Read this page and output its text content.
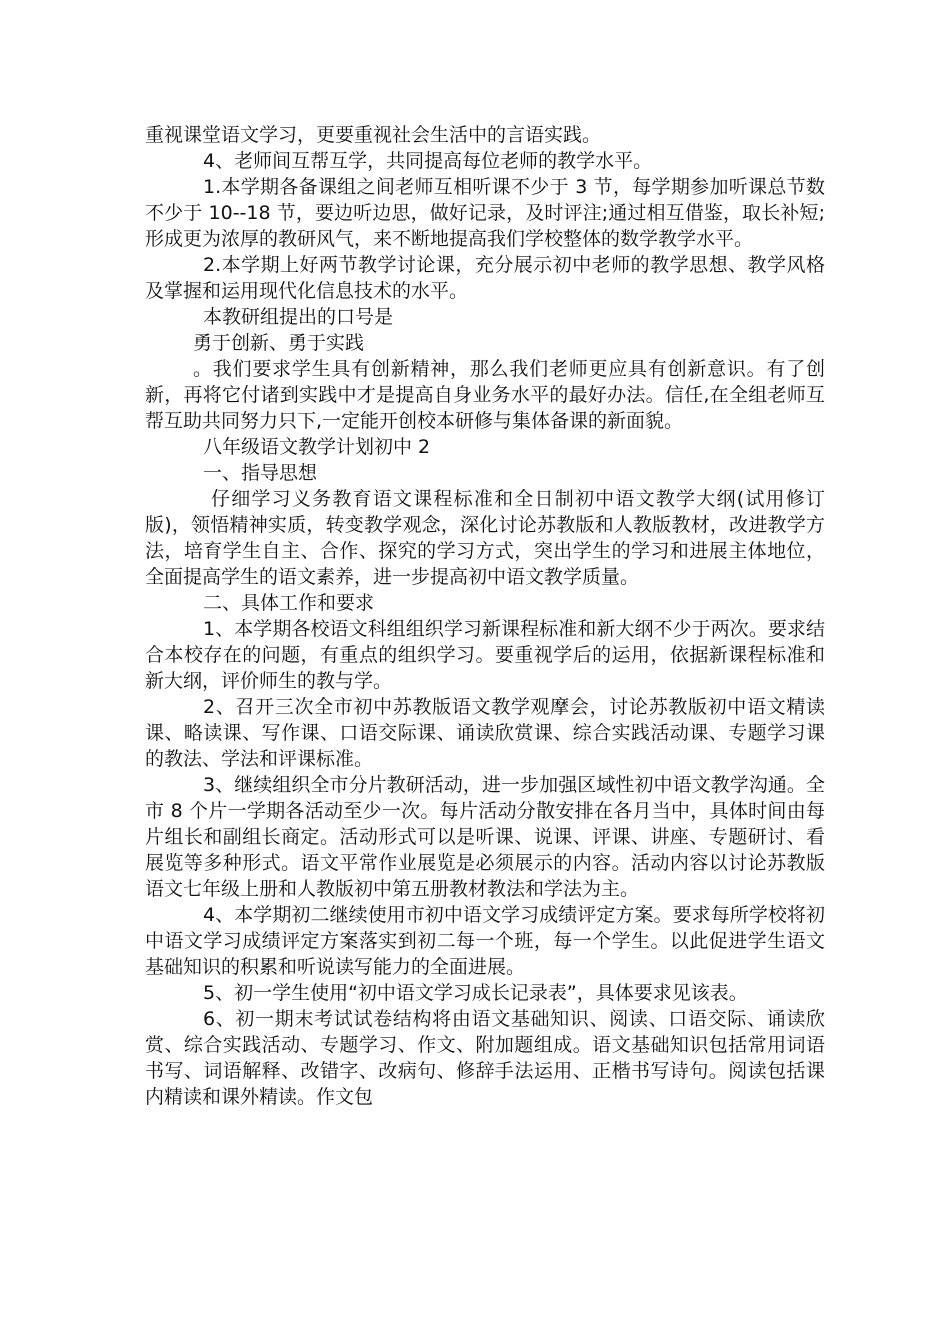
重视课堂语文学习，更要重视社会生活中的言语实践。

4、老师间互帮互学，共同提高每位老师的教学水平。

1.本学期各备课组之间老师互相听课不少于 3 节，每学期参加听课总节数不少于 10--18 节，要边听边思，做好记录，及时评注;通过相互借鉴，取长补短;形成更为浓厚的教研风气，来不断地提高我们学校整体的数学教学水平。

2.本学期上好两节教学讨论课，充分展示初中老师的教学思想、教学风格及掌握和运用现代化信息技术的水平。

本教研组提出的口号是

勇于创新、勇于实践

。我们要求学生具有创新精神，那么我们老师更应具有创新意识。有了创新，再将它付诸到实践中才是提高自身业务水平的最好办法。信任,在全组老师互帮互助共同努力只下,一定能开创校本研修与集体备课的新面貌。

八年级语文教学计划初中 2

一、指导思想

仔细学习义务教育语文课程标准和全日制初中语文教学大纲(试用修订版)，领悟精神实质，转变教学观念，深化讨论苏教版和人教版教材，改进教学方法，培育学生自主、合作、探究的学习方式，突出学生的学习和进展主体地位，全面提高学生的语文素养，进一步提高初中语文教学质量。

二、具体工作和要求

1、本学期各校语文科组组织学习新课程标准和新大纲不少于两次。要求结合本校存在的问题，有重点的组织学习。要重视学后的运用，依据新课程标准和新大纲，评价师生的教与学。

2、召开三次全市初中苏教版语文教学观摩会，讨论苏教版初中语文精读课、略读课、写作课、口语交际课、诵读欣赏课、综合实践活动课、专题学习课的教法、学法和评课标准。

3、继续组织全市分片教研活动，进一步加强区域性初中语文教学沟通。全市 8 个片一学期各活动至少一次。每片活动分散安排在各月当中，具体时间由每片组长和副组长商定。活动形式可以是听课、说课、评课、讲座、专题研讨、看展览等多种形式。语文平常作业展览是必须展示的内容。活动内容以讨论苏教版语文七年级上册和人教版初中第五册教材教法和学法为主。

4、本学期初二继续使用市初中语文学习成绩评定方案。要求每所学校将初中语文学习成绩评定方案落实到初二每一个班，每一个学生。以此促进学生语文基础知识的积累和听说读写能力的全面进展。

5、初一学生使用“初中语文学习成长记录表”，具体要求见该表。

6、初一期末考试试卷结构将由语文基础知识、阅读、口语交际、诵读欣赏、综合实践活动、专题学习、作文、附加题组成。语文基础知识包括常用词语书写、词语解释、改错字、改病句、修辞手法运用、正楷书写诗句。阅读包括课内精读和课外精读。作文包
